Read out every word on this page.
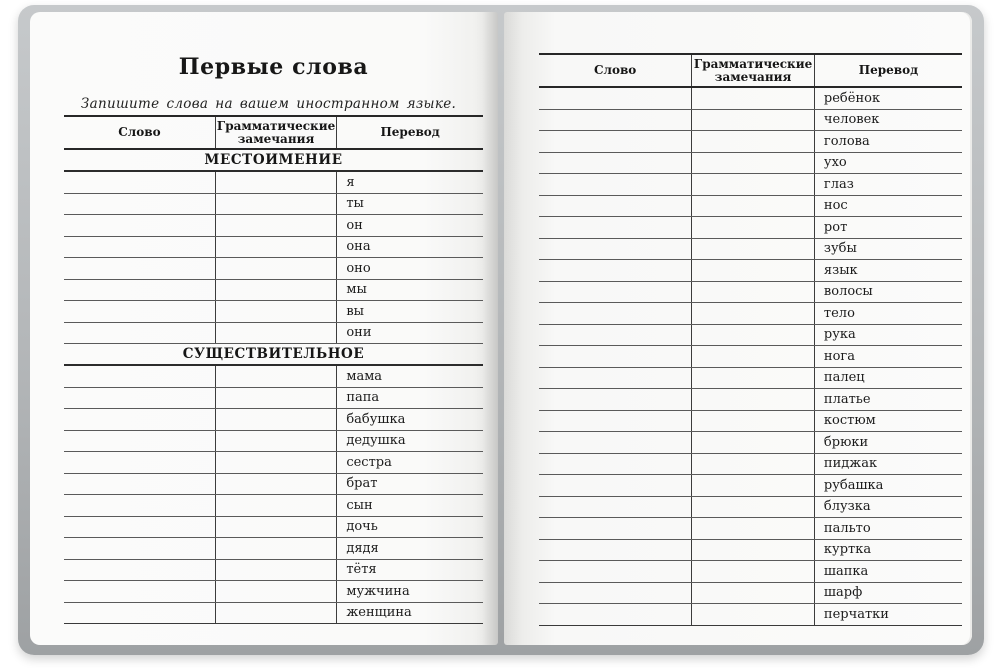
Первые слова
Запишите слова на вашем иностранном языке.
Слово	Грамматические замечания	Перевод
МЕСТОИМЕНИЕ
я
ты
он
она
оно
мы
вы
они
СУЩЕСТВИТЕЛЬНОЕ
мама
папа
бабушка
дедушка
сестра
брат
сын
дочь
дядя
тётя
мужчина
женщина
Слово	Грамматические замечания	Перевод
ребёнок
человек
голова
ухо
глаз
нос
рот
зубы
язык
волосы
тело
рука
нога
палец
платье
костюм
брюки
пиджак
рубашка
блузка
пальто
куртка
шапка
шарф
перчатки
